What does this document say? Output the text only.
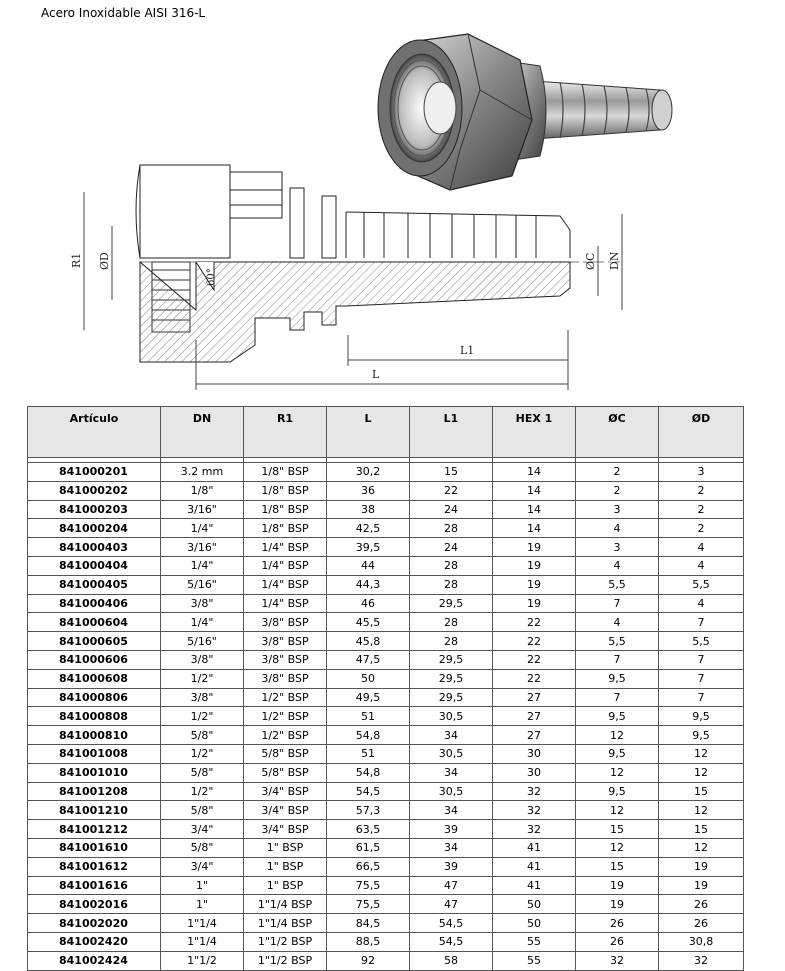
Acero Inoxidable AISI 316-L
R1 ØD
60°
ØC DN
L1
L
Artículo	DN	R1	L	L1	HEX 1	ØC	ØD

841000201	3.2 mm	1/8" BSP	30,2	15	14	2	3
841000202	1/8"	1/8" BSP	36	22	14	2	2
841000203	3/16"	1/8" BSP	38	24	14	3	2
841000204	1/4"	1/8" BSP	42,5	28	14	4	2
841000403	3/16"	1/4" BSP	39,5	24	19	3	4
841000404	1/4"	1/4" BSP	44	28	19	4	4
841000405	5/16"	1/4" BSP	44,3	28	19	5,5	5,5
841000406	3/8"	1/4" BSP	46	29,5	19	7	4
841000604	1/4"	3/8" BSP	45,5	28	22	4	7
841000605	5/16"	3/8" BSP	45,8	28	22	5,5	5,5
841000606	3/8"	3/8" BSP	47,5	29,5	22	7	7
841000608	1/2"	3/8" BSP	50	29,5	22	9,5	7
841000806	3/8"	1/2" BSP	49,5	29,5	27	7	7
841000808	1/2"	1/2" BSP	51	30,5	27	9,5	9,5
841000810	5/8"	1/2" BSP	54,8	34	27	12	9,5
841001008	1/2"	5/8" BSP	51	30,5	30	9,5	12
841001010	5/8"	5/8" BSP	54,8	34	30	12	12
841001208	1/2"	3/4" BSP	54,5	30,5	32	9,5	15
841001210	5/8"	3/4" BSP	57,3	34	32	12	12
841001212	3/4"	3/4" BSP	63,5	39	32	15	15
841001610	5/8"	1" BSP	61,5	34	41	12	12
841001612	3/4"	1" BSP	66,5	39	41	15	19
841001616	1"	1" BSP	75,5	47	41	19	19
841002016	1"	1"1/4 BSP	75,5	47	50	19	26
841002020	1"1/4	1"1/4 BSP	84,5	54,5	50	26	26
841002420	1"1/4	1"1/2 BSP	88,5	54,5	55	26	30,8
841002424	1"1/2	1"1/2 BSP	92	58	55	32	32
